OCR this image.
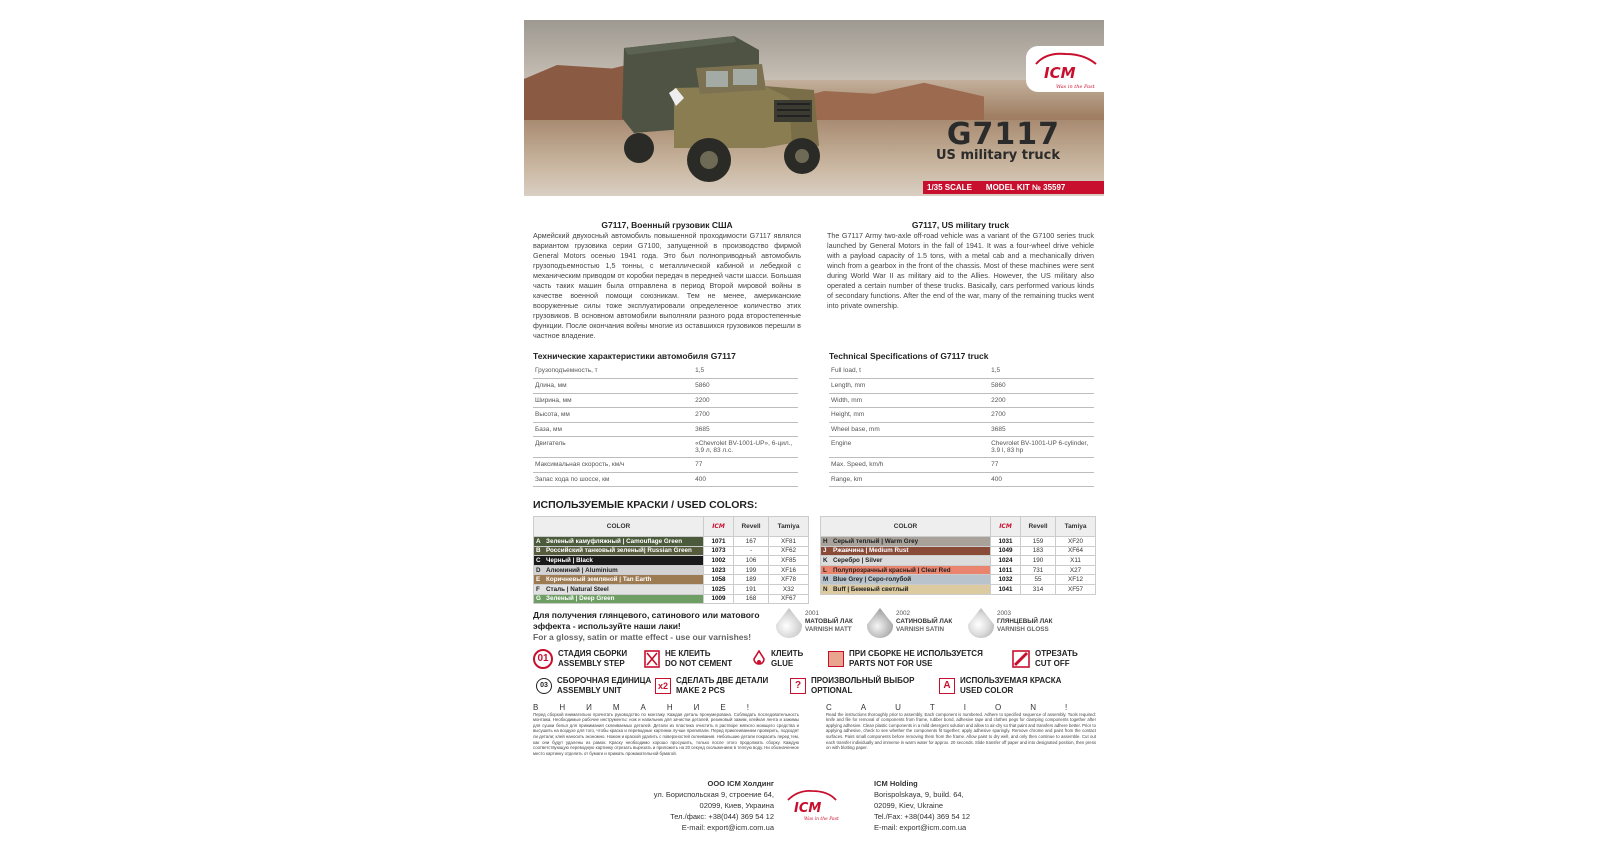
ICM
Was in the Past
G7117
US military truck
1/35 SCALE MODEL KIT № 35597
G7117, Военный грузовик США

Армейский двухосный автомобиль повышенной проходимости G7117 являлся вариантом грузовика серии G7100, запущенной в производство фирмой General Motors осенью 1941 года. Это был полноприводный автомобиль грузоподъемностью 1,5 тонны, с металлической кабиной и лебедкой с механическим приводом от коробки передач в передней части шасси. Большая часть таких машин была отправлена в период Второй мировой войны в качестве военной помощи союзникам. Тем не менее, американские вооруженные силы тоже эксплуатировали определенное количество этих грузовиков. В основном автомобили выполняли разного рода второстепенные функции. После окончания войны многие из оставшихся грузовиков перешли в частное владение.

G7117, US military truck

The G7117 Army two-axle off-road vehicle was a variant of the G7100 series truck launched by General Motors in the fall of 1941. It was a four-wheel drive vehicle with a payload capacity of 1.5 tons, with a metal cab and a mechanically driven winch from a gearbox in the front of the chassis. Most of these machines were sent during World War II as military aid to the Allies. However, the US military also operated a certain number of these trucks. Basically, cars performed various kinds of secondary functions. After the end of the war, many of the remaining trucks went into private ownership.

Технические характеристики автомобиля G7117
Грузоподъемность, т	1,5
Длина, мм	5860
Ширина, мм	2200
Высота, мм	2700
База, мм	3685
Двигатель	«Chevrolet BV-1001-UP», 6-цил., 3,9 л, 83 л.с.
Максимальная скорость, км/ч	77
Запас хода по шоссе, км	400
Technical Specifications of G7117 truck
Full load, t	1,5
Length, mm	5860
Width, mm	2200
Height, mm	2700
Wheel base, mm	3685
Engine	Chevrolet BV-1001-UP 6-cylinder, 3.9 l, 83 hp
Max. Speed, km/h	77
Range, km	400
ИСПОЛЬЗУЕМЫЕ КРАСКИ / USED COLORS:
COLOR	ICM	Revell	Tamiya
A Зеленый камуфляжный | Camouflage Green	1071	167	XF81
B Российский танковый зеленый| Russian Green	1073	-	XF62
C Черный | Black	1002	106	XF85
D Алюминий | Aluminium	1023	199	XF16
E Коричневый земляной | Tan Earth	1058	189	XF78
F Сталь | Natural Steel	1025	191	X32
G Зеленый | Deep Green	1009	168	XF67
COLOR	ICM	Revell	Tamiya
H Серый теплый | Warm Grey	1031	159	XF20
J Ржавчина | Medium Rust	1049	183	XF64
K Серебро | Silver	1024	190	X11
L Полупрозрачный красный | Clear Red	1011	731	X27
M Blue Grey | Серо-голубой	1032	55	XF12
N Buff | Бежевый светлый	1041	314	XF57
Для получения глянцевого, сатинового или матового эффекта - используйте наши лаки!
For a glossy, satin or matte effect - use our varnishes!
2001
МАТОВЫЙ ЛАК
VARNISH MATT
2002
САТИНОВЫЙ ЛАК
VARNISH SATIN
2003
ГЛЯНЦЕВЫЙ ЛАК
VARNISH GLOSS
01	СТАДИЯ СБОРКИ
ASSEMBLY STEP
НЕ КЛЕИТЬ
DO NOT CEMENT
КЛЕИТЬ
GLUE
ПРИ СБОРКЕ НЕ ИСПОЛЬЗУЕТСЯ
PARTS NOT FOR USE
ОТРЕЗАТЬ
CUT OFF
03
СБОРОЧНАЯ ЕДИНИЦА
ASSEMBLY UNIT	x2
СДЕЛАТЬ ДВЕ ДЕТАЛИ
MAKE 2 PCS	?	ПРОИЗВОЛЬНЫЙ ВЫБОР
OPTIONAL	A	ИСПОЛЬЗУЕМАЯ КРАСКА
USED COLOR
ВНИМАНИЕ!
Перед сборкой внимательно прочитать руководство по монтажу. Каждая деталь пронумерована. Соблюдать последовательность монтажа. Необходимые рабочие инструменты: нож и напильник для зачистки деталей, резиновый зажим, клейкая лента и зажимы для сушки белья для прижимания склеиваемых деталей. Детали из пластика очистить в растворе мягкого моющего средства и высушить на воздухе для того, чтобы краска и переводные картинки лучше прилипали. Перед приклеиванием проверить, подходят ли детали; клей наносить экономно. Ножом и краской удалить с поверхностей склеивания. Небольшие детали покрасить перед тем, как они будут удалены из рамок. Краску необходимо хорошо просушить, только после этого продолжать сборку. Каждую соответствующую переводную картинку отрезать вырезать и приложить на 20 секунд скольжением в теплую воду. Ни обозначенное место картинку отделить от бумаги и прижать промакательной бумагой.
CAUTION!
Read the instructions thoroughly prior to assembly. Each component is numbered. Adhere to specified sequence of assembly. Tools required: knife and file for removal of components from frame, rubber bond, adhesive tape and clothes pegs for clamping components together after applying adhesive. Clean plastic components in a mild detergent solution and allow to air-dry so that paint and transfers adhere better. Prior to applying adhesive, check to see whether the components fit together; apply adhesive sparingly. Remove chrome and paint from the contact surfaces. Paint small components before removing them from the frame. Allow paint to dry well, and only then continue to assemble. Cut out each transfer individually and immerse in warm water for approx. 20 seconds. Slide transfer off paper and into designated position, then press on with blotting paper.
ООО ICM Холдинг
ул. Бориспольская 9, строение 64,
02099, Киев, Украина
Тел./факс: +38(044) 369 54 12
E-mail: export@icm.com.ua
ICM
Was in the Past
ICM Holding
Borispolskaya, 9, build. 64,
02099, Kiev, Ukraine
Tel./Fax: +38(044) 369 54 12
E-mail: export@icm.com.ua
